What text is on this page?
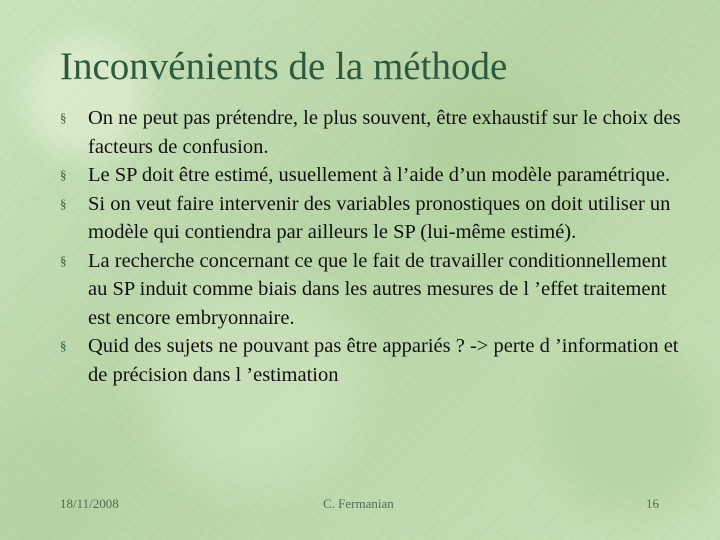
Inconvénients de la méthode
§ On ne peut pas prétendre, le plus souvent, être exhaustif sur le choix des facteurs de confusion.
§ Le SP doit être estimé, usuellement à l’aide d’un modèle paramétrique.
§ Si on veut faire intervenir des variables pronostiques on doit utiliser un modèle qui contiendra par ailleurs le SP (lui-même estimé).
§ La recherche concernant ce que le fait de travailler conditionnellement au SP induit comme biais dans les autres mesures de l ’effet traitement est encore embryonnaire.
§ Quid des sujets ne pouvant pas être appariés ? -> perte d ’information et de précision dans l ’estimation
18/11/2008	C. Fermanian	16
